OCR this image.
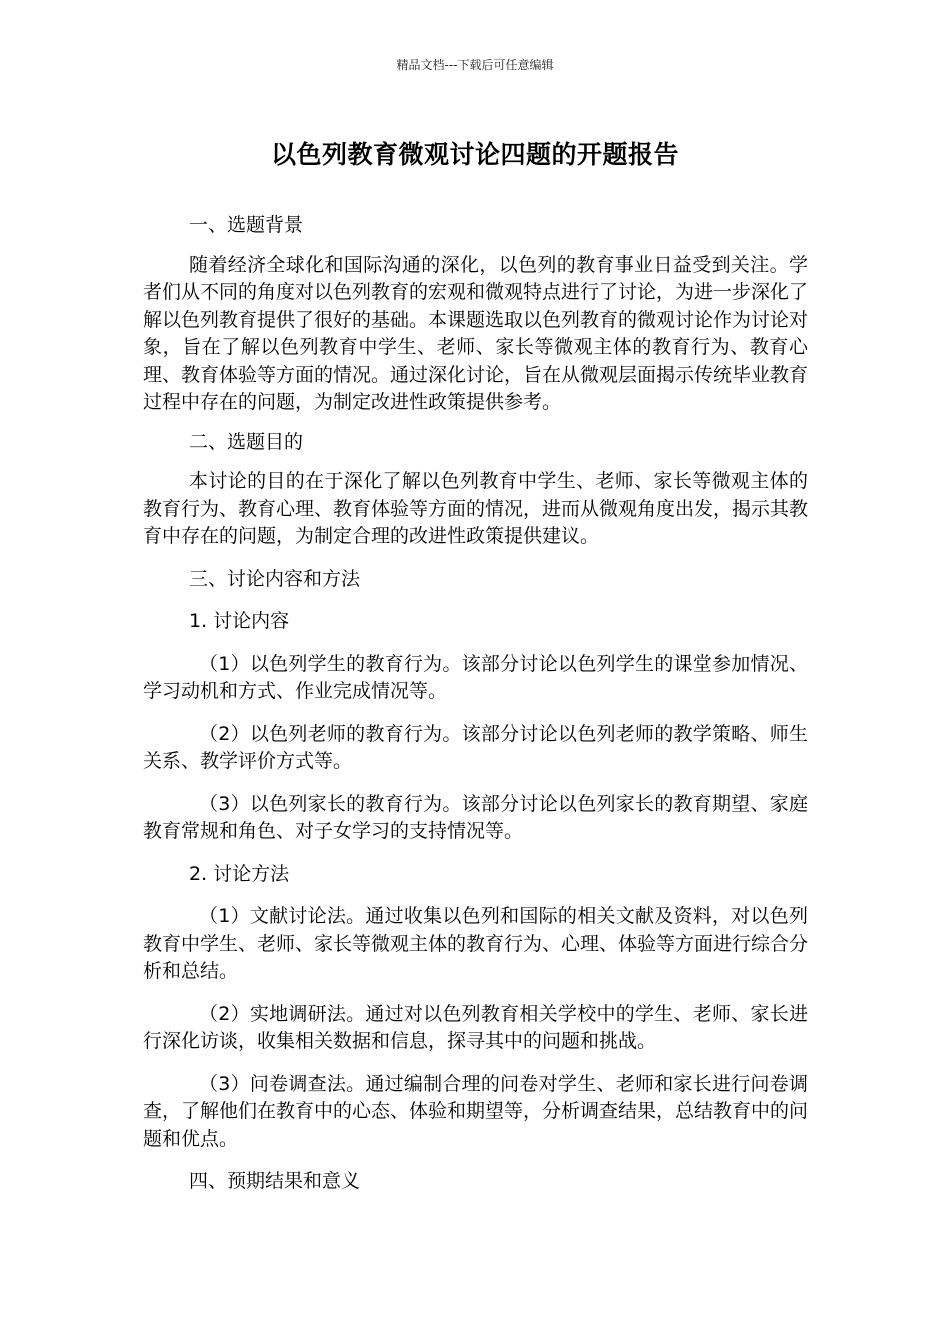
精品文档---下载后可任意编辑
以色列教育微观讨论四题的开题报告

一、选题背景

随着经济全球化和国际沟通的深化，以色列的教育事业日益受到关注。学者们从不同的角度对以色列教育的宏观和微观特点进行了讨论，为进一步深化了解以色列教育提供了很好的基础。本课题选取以色列教育的微观讨论作为讨论对象，旨在了解以色列教育中学生、老师、家长等微观主体的教育行为、教育心理、教育体验等方面的情况。通过深化讨论，旨在从微观层面揭示传统毕业教育过程中存在的问题，为制定改进性政策提供参考。

二、选题目的

本讨论的目的在于深化了解以色列教育中学生、老师、家长等微观主体的教育行为、教育心理、教育体验等方面的情况，进而从微观角度出发，揭示其教育中存在的问题，为制定合理的改进性政策提供建议。

三、讨论内容和方法

1. 讨论内容

（1）以色列学生的教育行为。该部分讨论以色列学生的课堂参加情况、学习动机和方式、作业完成情况等。

（2）以色列老师的教育行为。该部分讨论以色列老师的教学策略、师生关系、教学评价方式等。

（3）以色列家长的教育行为。该部分讨论以色列家长的教育期望、家庭教育常规和角色、对子女学习的支持情况等。

2. 讨论方法

（1）文献讨论法。通过收集以色列和国际的相关文献及资料，对以色列教育中学生、老师、家长等微观主体的教育行为、心理、体验等方面进行综合分析和总结。

（2）实地调研法。通过对以色列教育相关学校中的学生、老师、家长进行深化访谈，收集相关数据和信息，探寻其中的问题和挑战。

（3）问卷调查法。通过编制合理的问卷对学生、老师和家长进行问卷调查，了解他们在教育中的心态、体验和期望等，分析调查结果，总结教育中的问题和优点。

四、预期结果和意义
